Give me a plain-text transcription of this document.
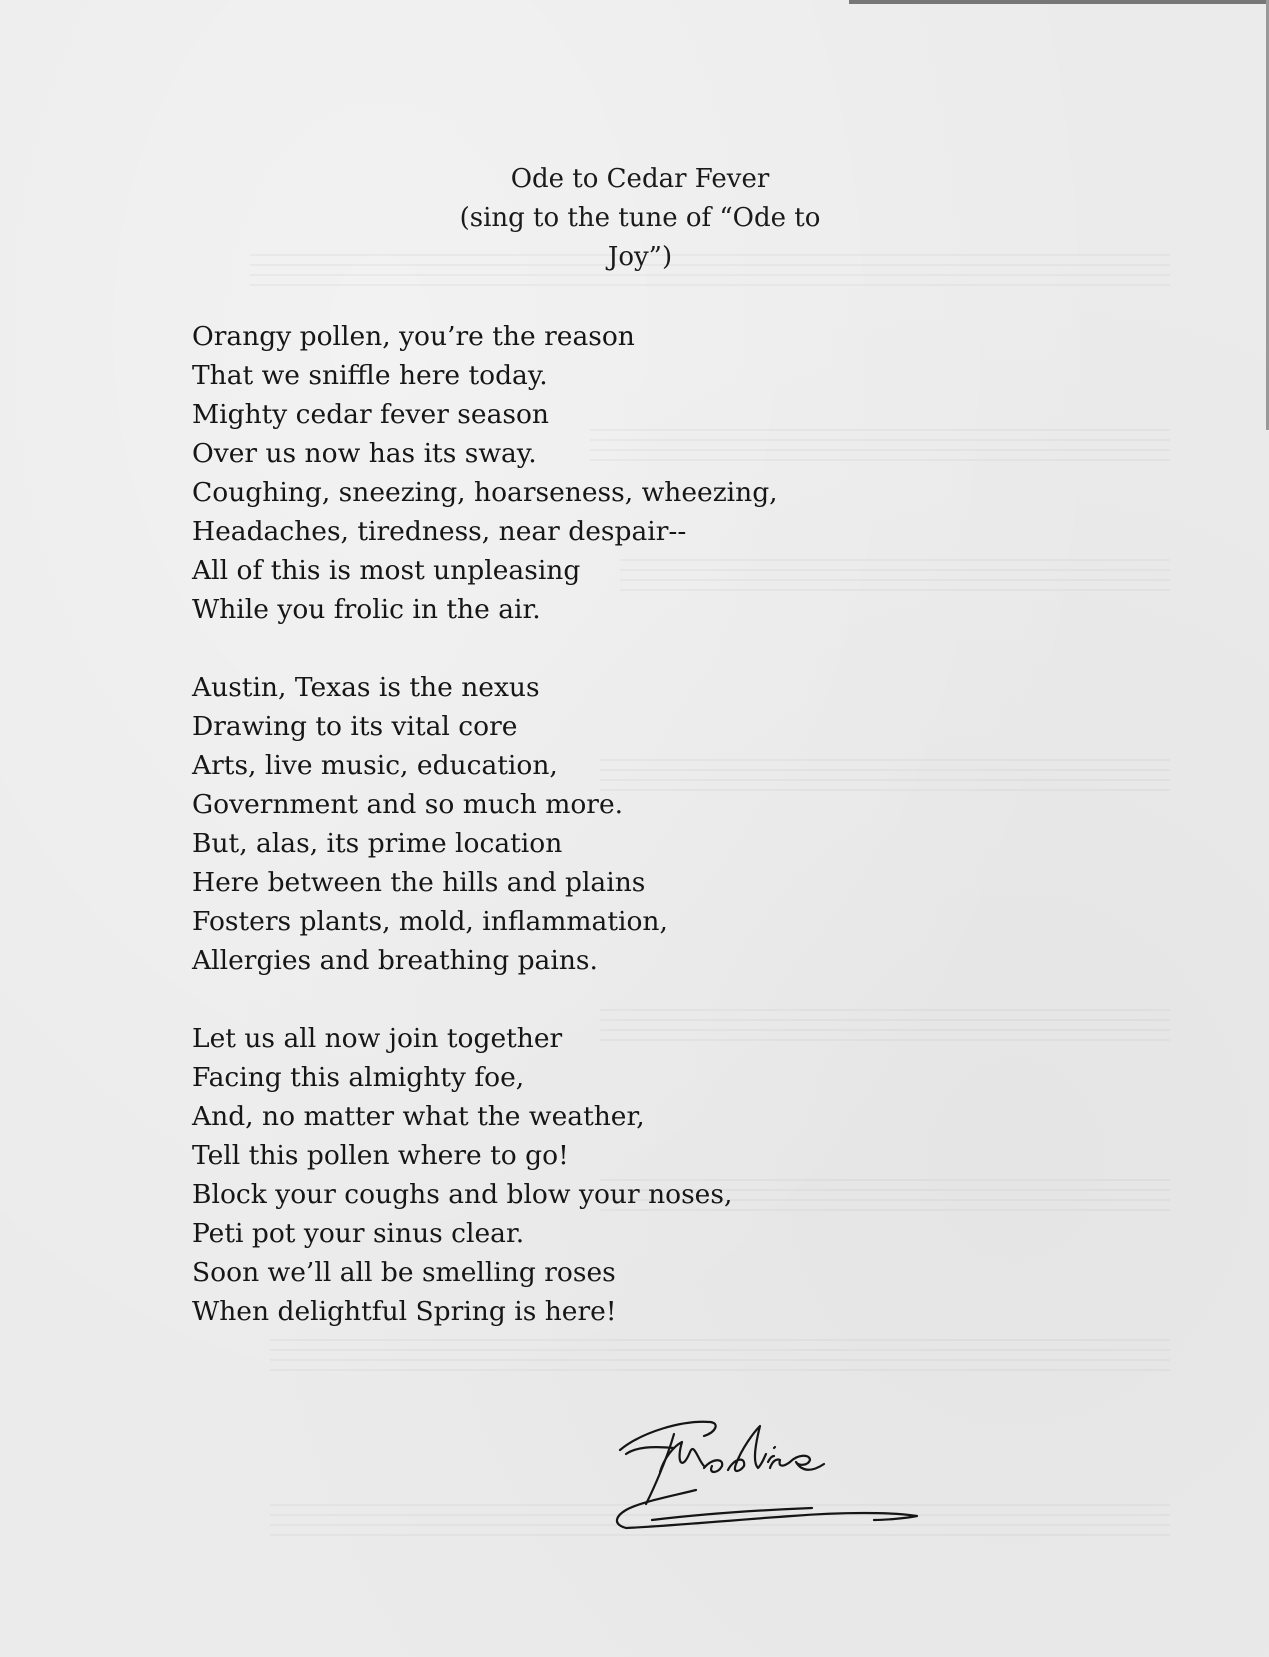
Ode to Cedar Fever
(sing to the tune of “Ode to Joy”)
Orangy pollen, you’re the reason
That we sniffle here today.
Mighty cedar fever season
Over us now has its sway.
Coughing, sneezing, hoarseness, wheezing,
Headaches, tiredness, near despair--
All of this is most unpleasing
While you frolic in the air.
Austin, Texas is the nexus
Drawing to its vital core
Arts, live music, education,
Government and so much more.
But, alas, its prime location
Here between the hills and plains
Fosters plants, mold, inflammation,
Allergies and breathing pains.
Let us all now join together
Facing this almighty foe,
And, no matter what the weather,
Tell this pollen where to go!
Block your coughs and blow your noses,
Peti pot your sinus clear.
Soon we’ll all be smelling roses
When delightful Spring is here!
